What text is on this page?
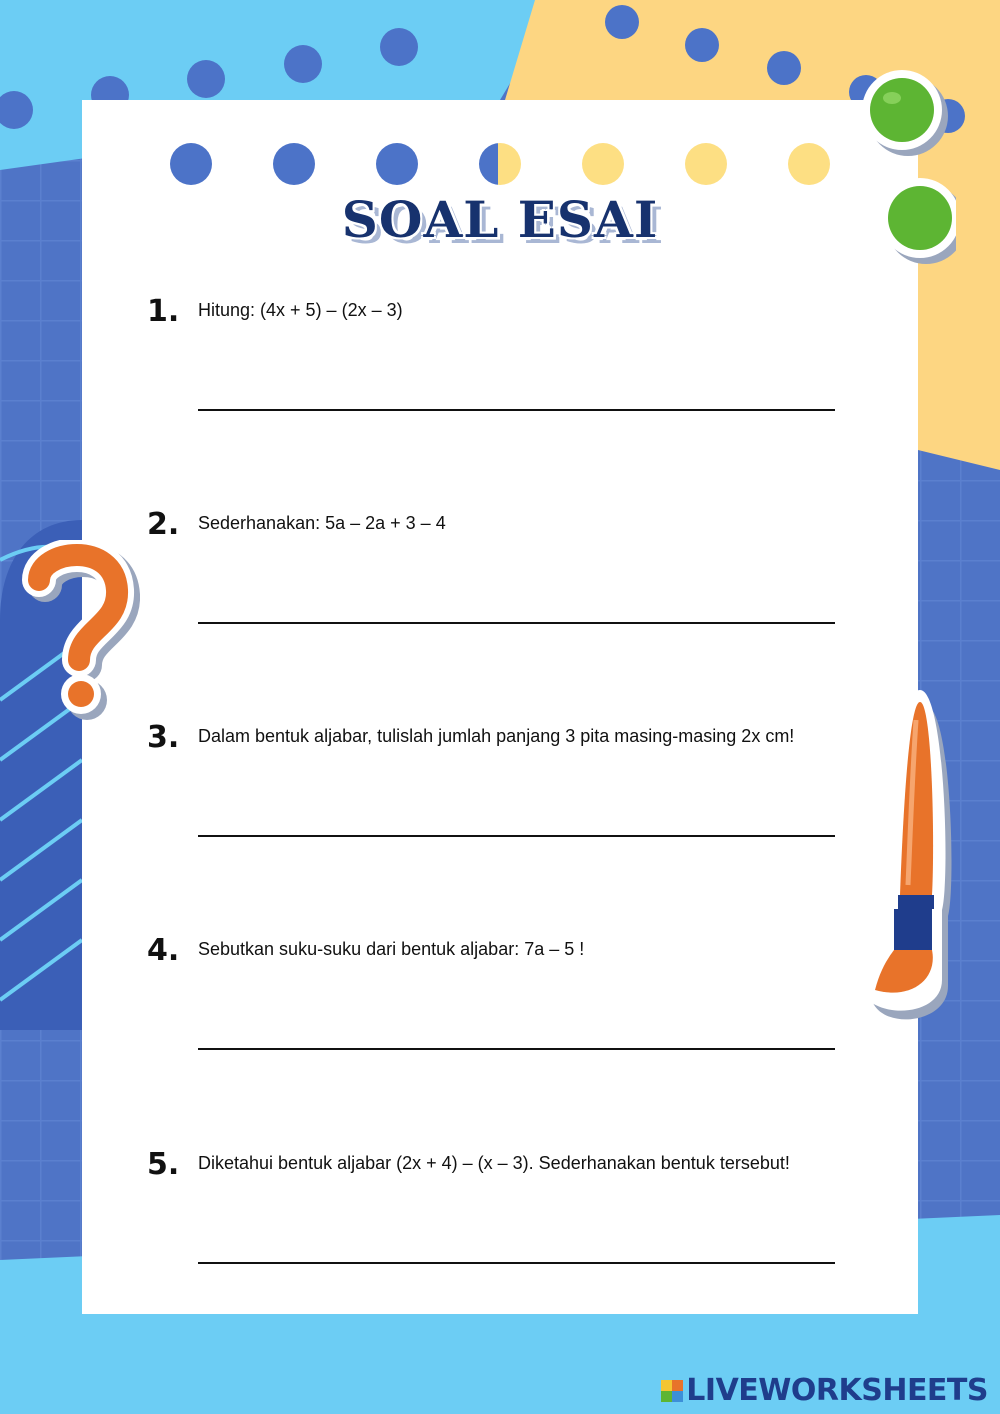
SOAL ESAI
1. Hitung: (4x + 5) – (2x – 3)
2. Sederhanakan: 5a – 2a + 3 – 4
3. Dalam bentuk aljabar, tulislah jumlah panjang 3 pita masing-masing 2x cm!
4. Sebutkan suku-suku dari bentuk aljabar: 7a – 5 !
5. Diketahui bentuk aljabar (2x + 4) – (x – 3). Sederhanakan bentuk tersebut!
LIVEWORKSHEETS
